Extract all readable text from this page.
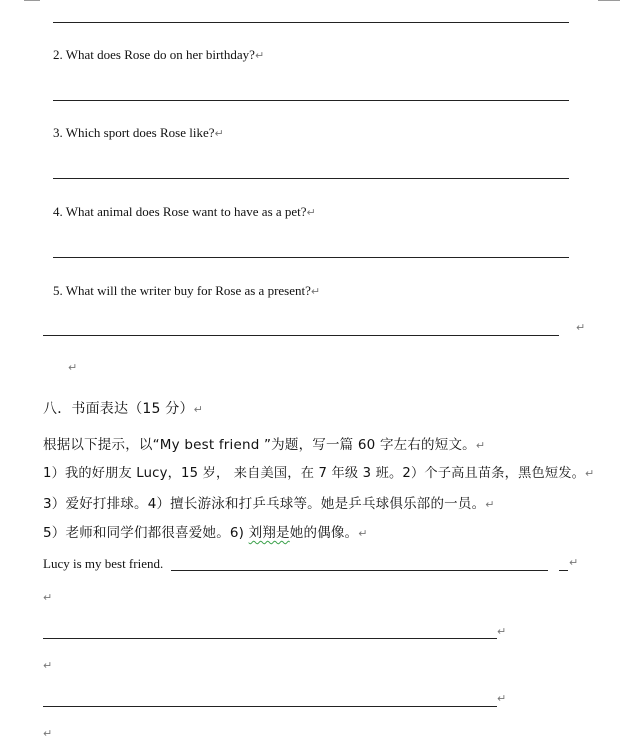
2. What does Rose do on her birthday?↵
3. Which sport does Rose like?↵
4. What animal does Rose want to have as a pet?↵
5. What will the writer buy for Rose as a present?↵
↵
↵
八．书面表达（15 分）↵
根据以下提示，以“My best friend ”为题，写一篇 60 字左右的短文。↵
1）我的好朋友 Lucy，15 岁， 来自美国，在 7 年级 3 班。2）个子高且苗条，黑色短发。↵
3）爱好打排球。4）擅长游泳和打乒乓球等。她是乒乓球俱乐部的一员。↵
5）老师和同学们都很喜爱她。6) 刘翔是她的偶像。↵
Lucy is my best friend.	↵
↵
↵
↵
↵
↵
